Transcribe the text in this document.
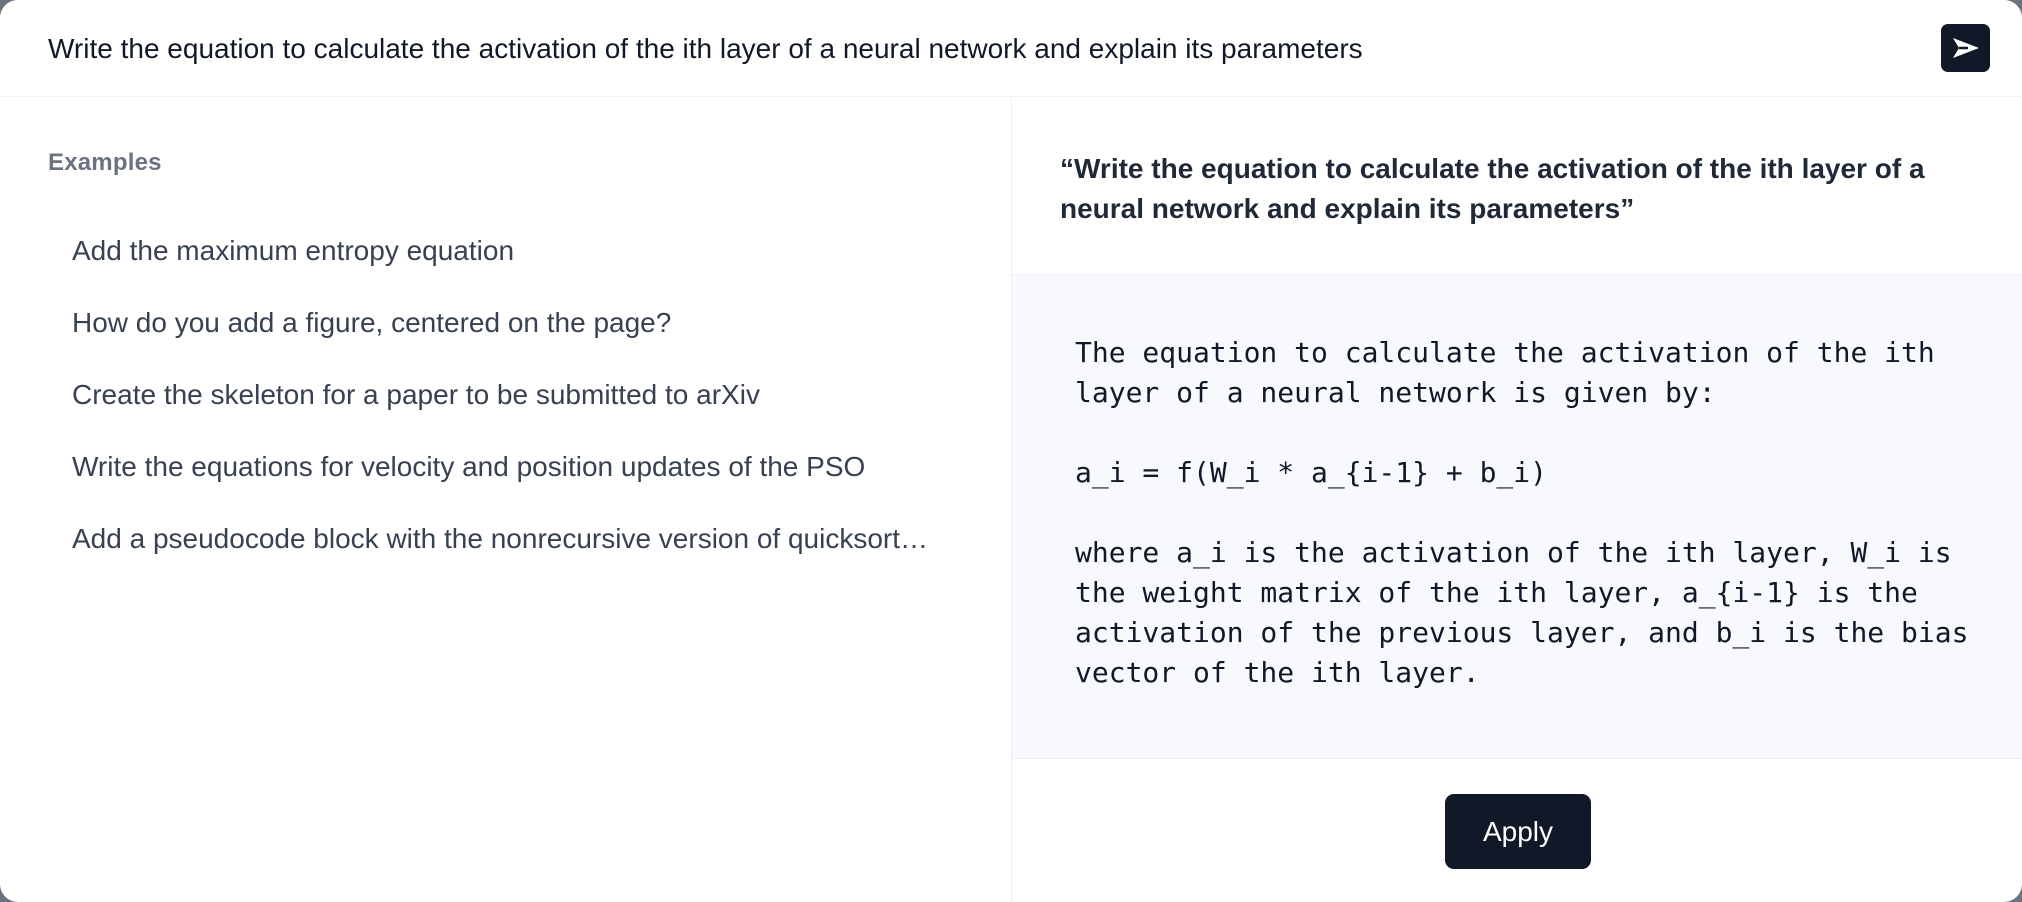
Write the equation to calculate the activation of the ith layer of a neural network and explain its parameters
Examples
Add the maximum entropy equation
How do you add a figure, centered on the page?
Create the skeleton for a paper to be submitted to arXiv
Write the equations for velocity and position updates of the PSO
Add a pseudocode block with the nonrecursive version of quicksort…
“Write the equation to calculate the activation of the ith layer of a neural network and explain its parameters”
The equation to calculate the activation of the ith layer of a neural network is given by:

a_i = f(W_i * a_{i-1} + b_i)

where a_i is the activation of the ith layer, W_i is the weight matrix of the ith layer, a_{i-1} is the activation of the previous layer, and b_i is the bias vector of the ith layer.
Apply
